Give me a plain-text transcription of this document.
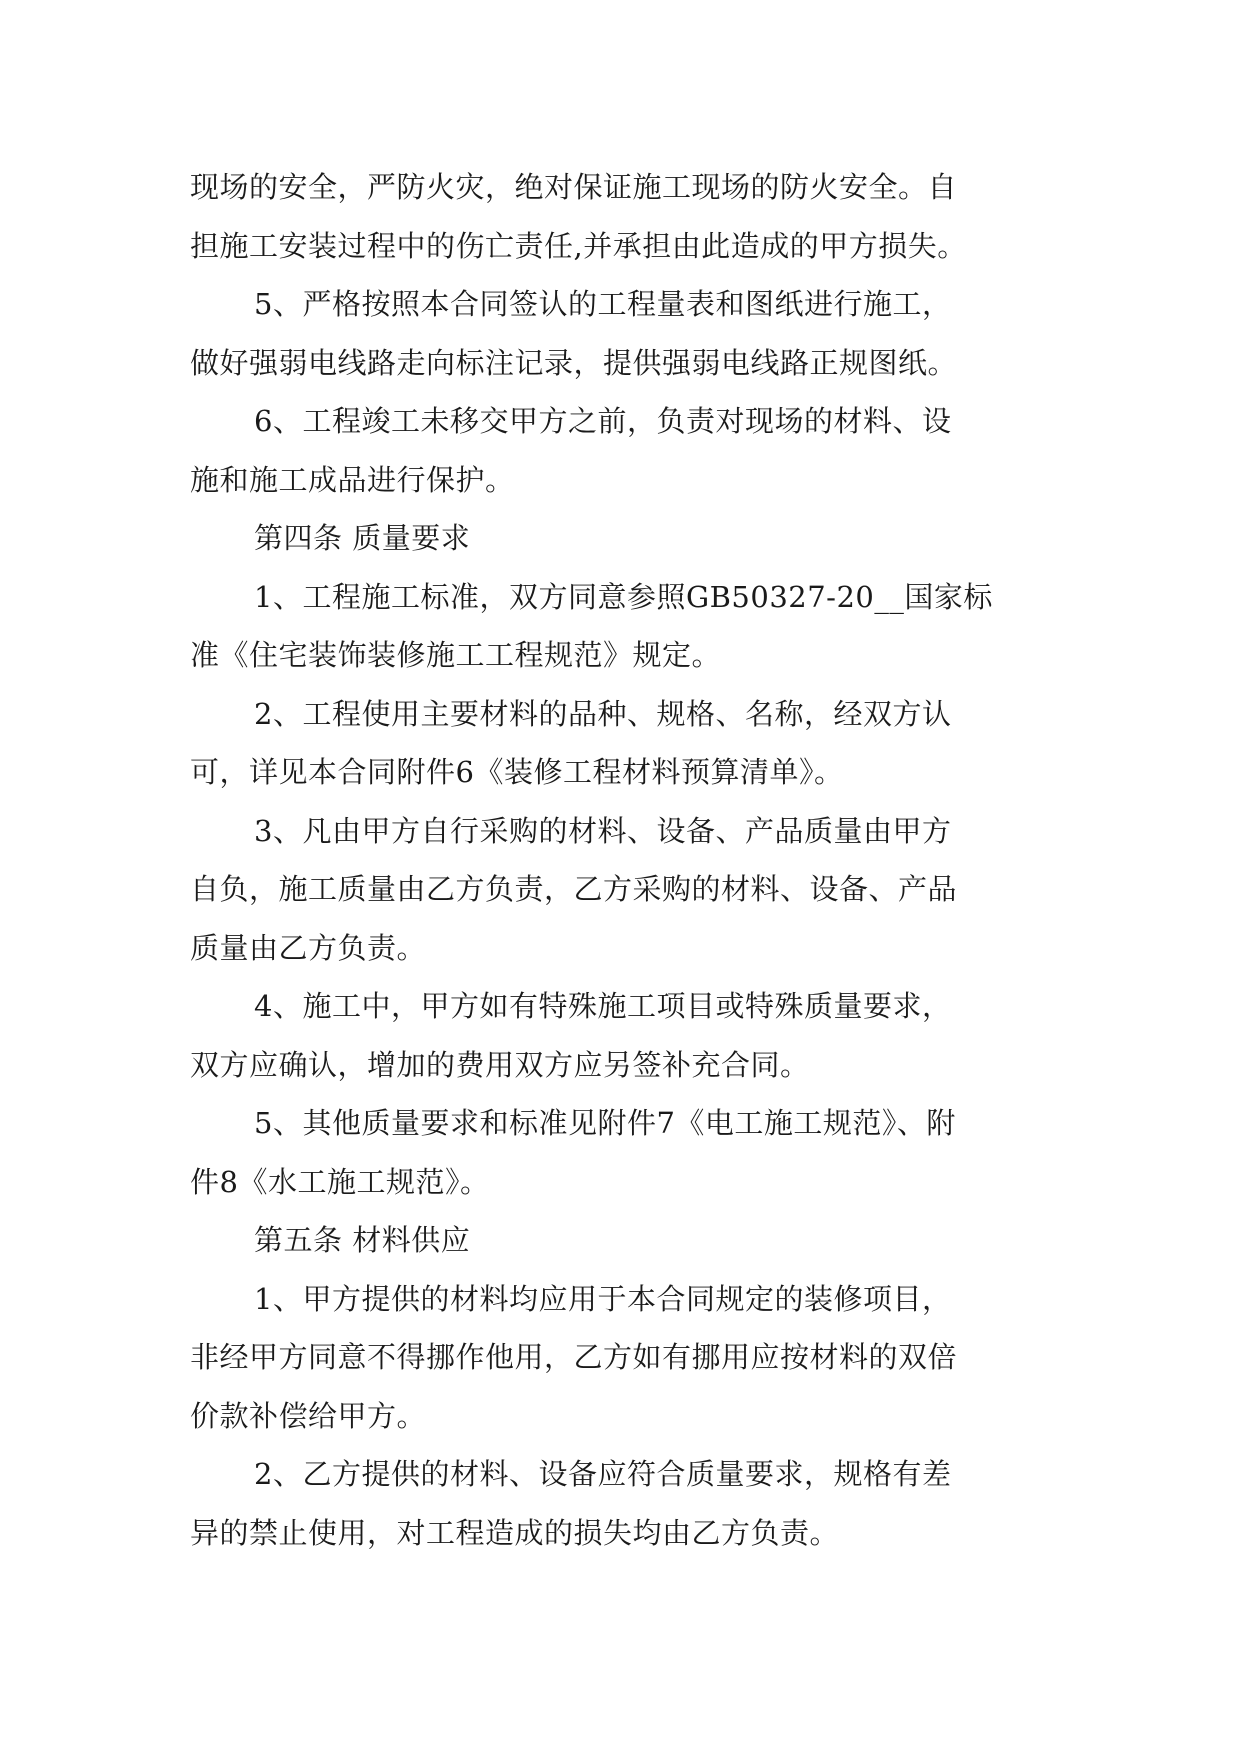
现场的安全，严防火灾，绝对保证施工现场的防火安全。自
担施工安装过程中的伤亡责任,并承担由此造成的甲方损失。
5、严格按照本合同签认的工程量表和图纸进行施工，
做好强弱电线路走向标注记录，提供强弱电线路正规图纸。
6、工程竣工未移交甲方之前，负责对现场的材料、设
施和施工成品进行保护。
第四条 质量要求
1、工程施工标准，双方同意参照GB50327-20__国家标
准《住宅装饰装修施工工程规范》规定。
2、工程使用主要材料的品种、规格、名称，经双方认
可，详见本合同附件6《装修工程材料预算清单》。
3、凡由甲方自行采购的材料、设备、产品质量由甲方
自负，施工质量由乙方负责，乙方采购的材料、设备、产品
质量由乙方负责。
4、施工中，甲方如有特殊施工项目或特殊质量要求，
双方应确认，增加的费用双方应另签补充合同。
5、其他质量要求和标准见附件7《电工施工规范》、附
件8《水工施工规范》。
第五条 材料供应
1、甲方提供的材料均应用于本合同规定的装修项目，
非经甲方同意不得挪作他用，乙方如有挪用应按材料的双倍
价款补偿给甲方。
2、乙方提供的材料、设备应符合质量要求，规格有差
异的禁止使用，对工程造成的损失均由乙方负责。
